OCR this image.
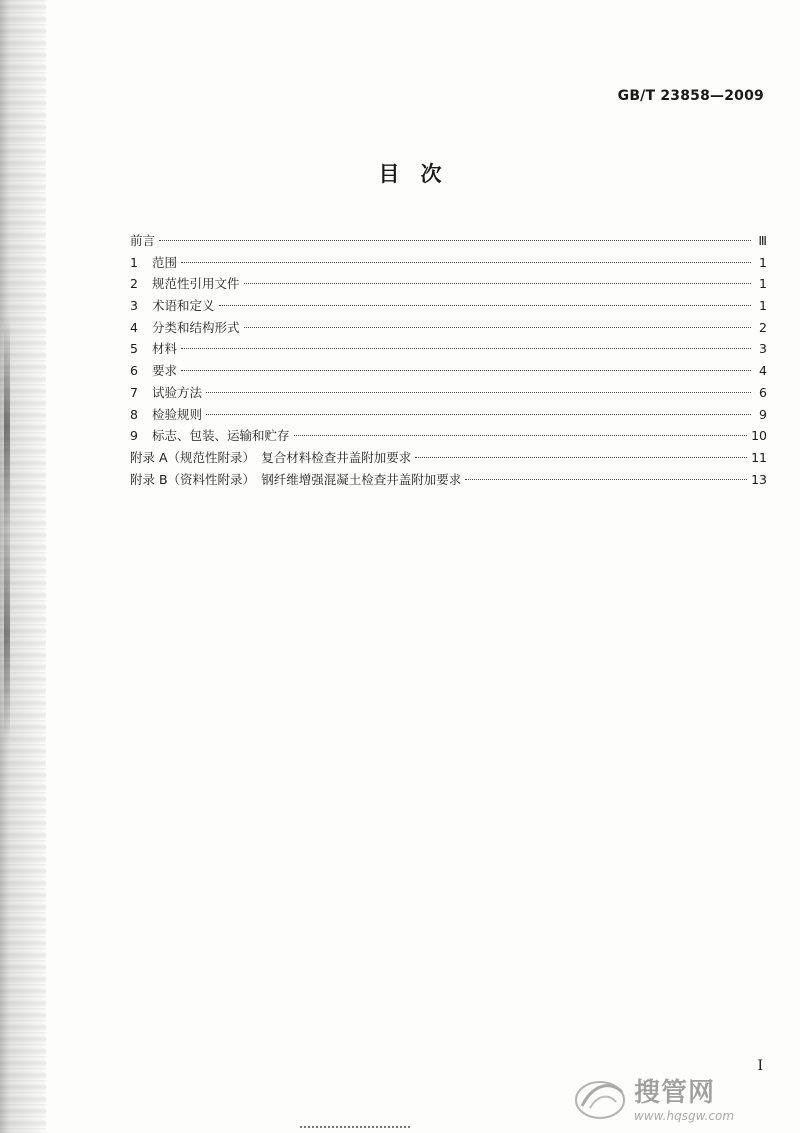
GB/T 23858—2009
目　次
前言	Ⅲ
1	范围	1
2	规范性引用文件	1
3	术语和定义	1
4	分类和结构形式	2
5	材料	3
6	要求	4
7	试验方法	6
8	检验规则	9
9	标志、包装、运输和贮存	10
附录 A（规范性附录）　复合材料检查井盖附加要求	11
附录 B（资料性附录）　钢纤维增强混凝土检查井盖附加要求	13
I
搜管网
www.hqsgw.com
